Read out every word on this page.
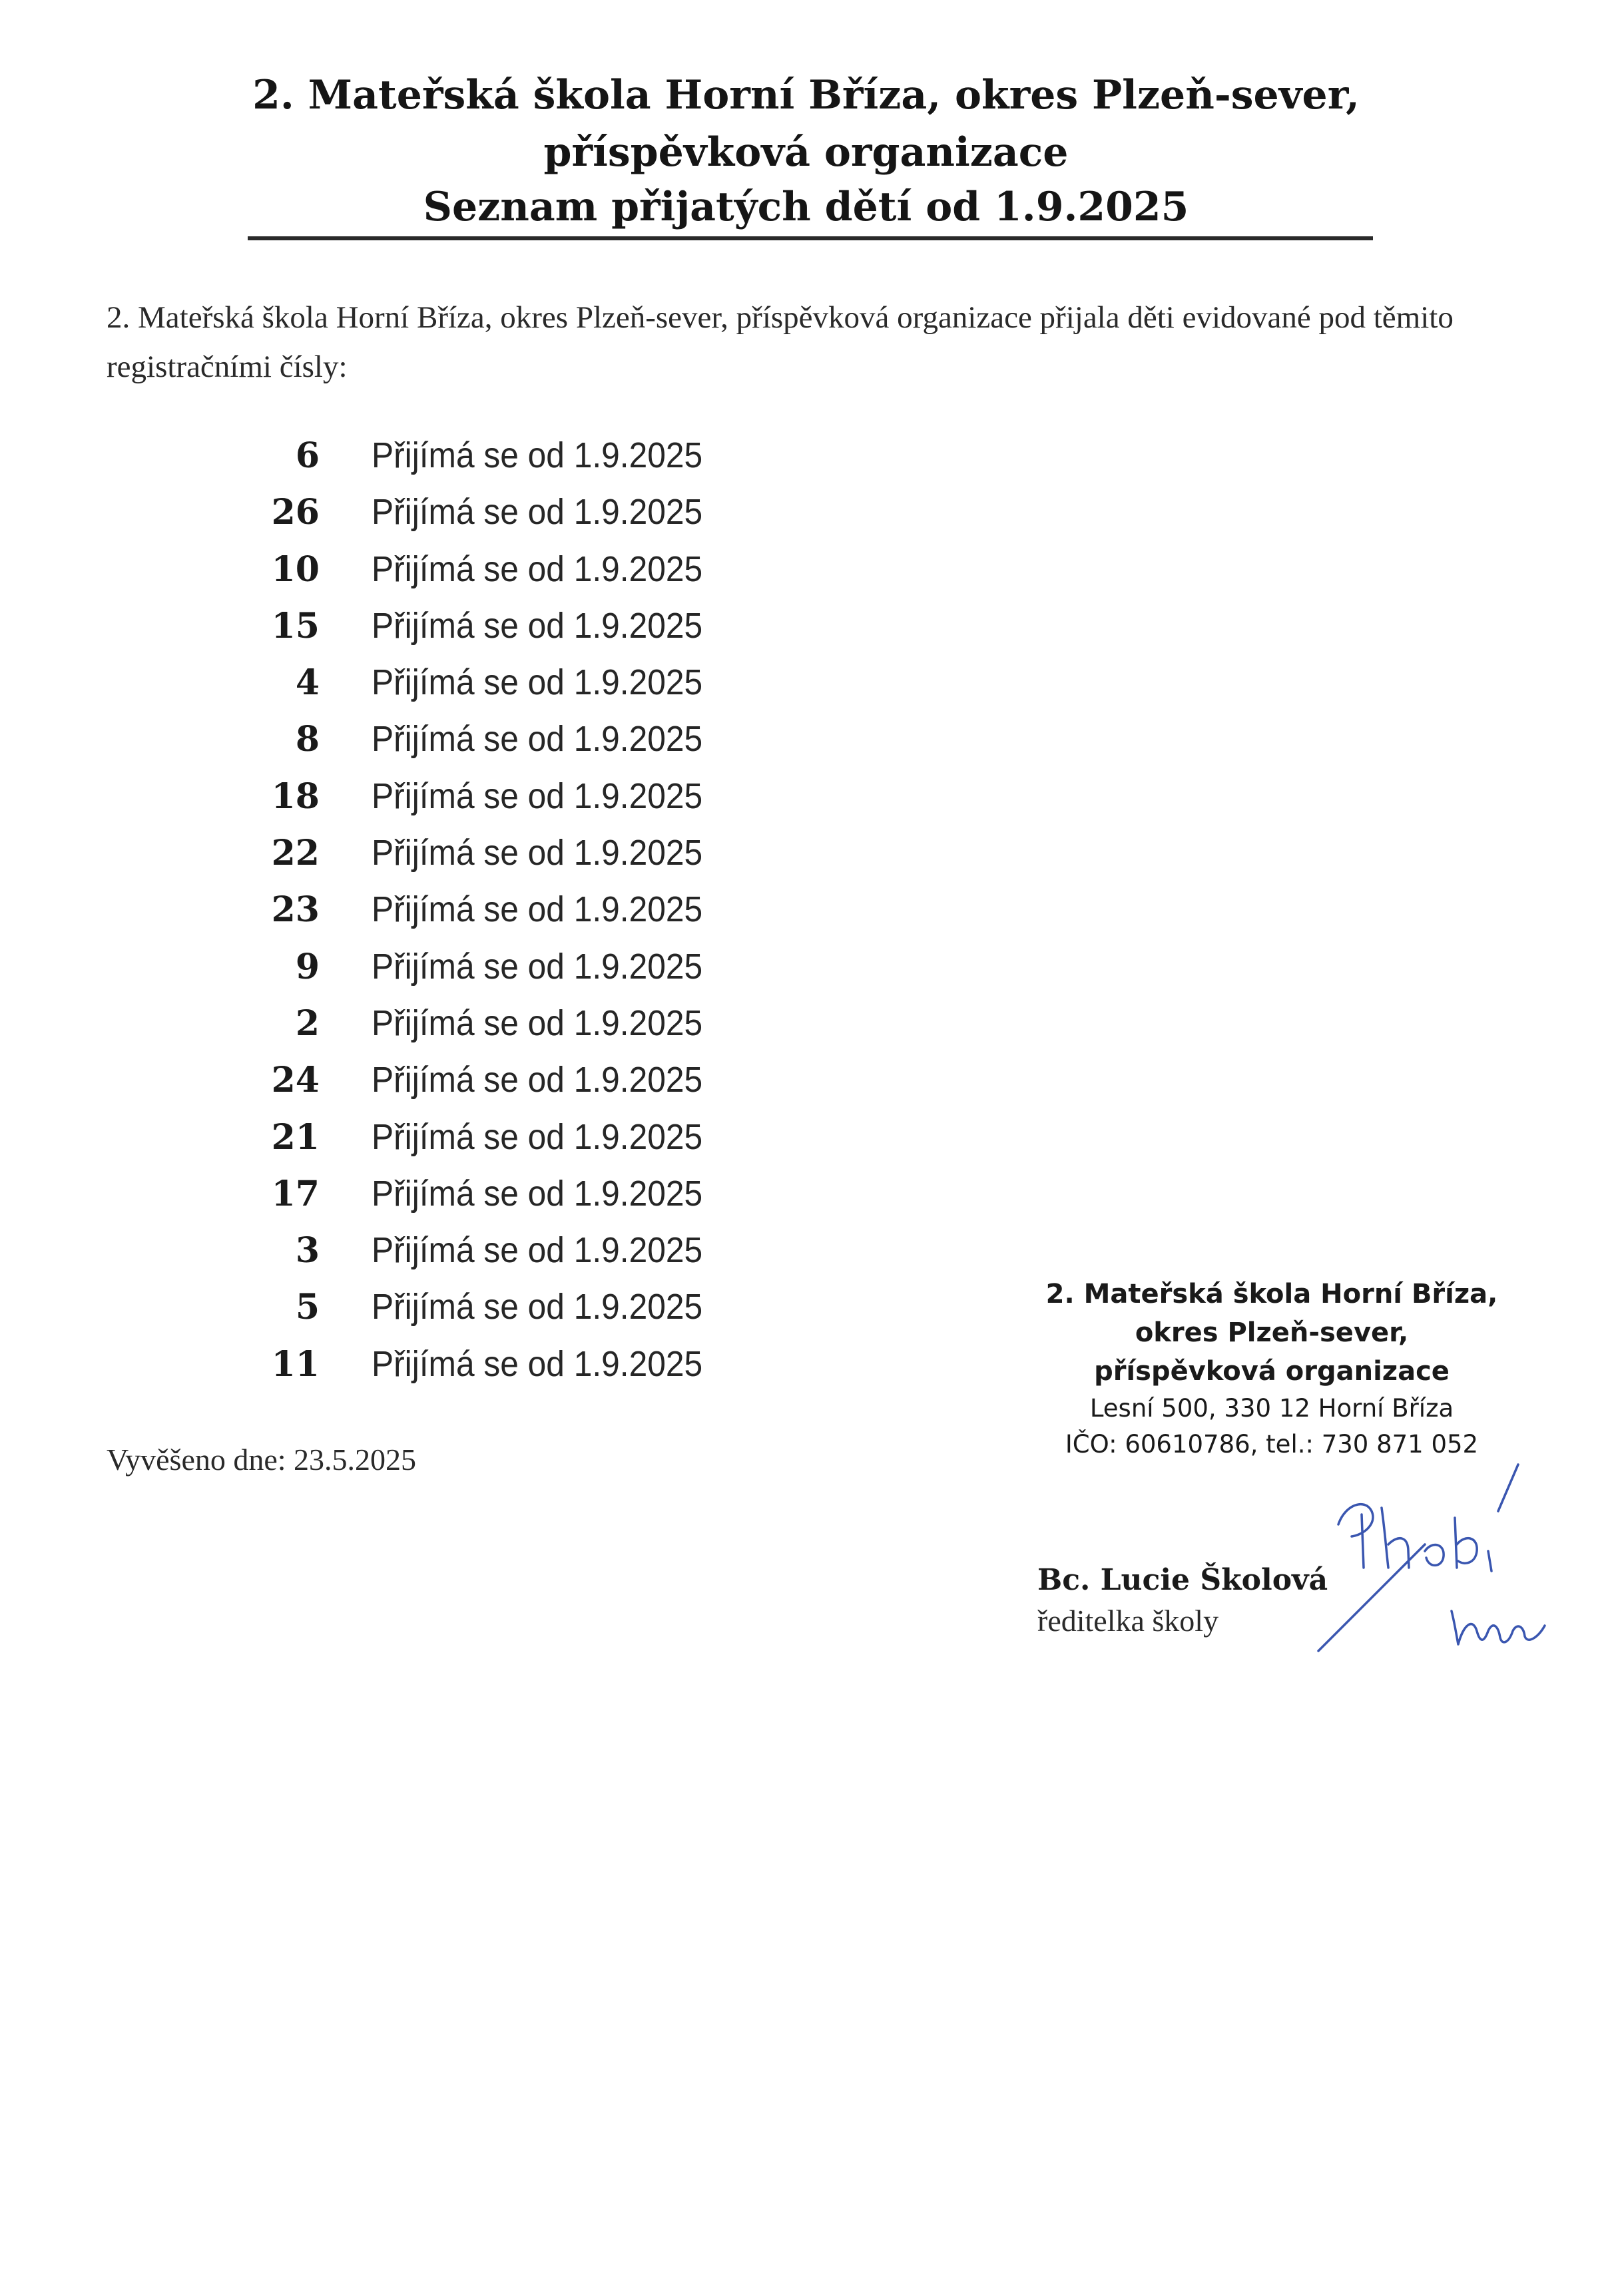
2. Mateřská škola Horní Bříza, okres Plzeň-sever,
příspěvková organizace
Seznam přijatých dětí od 1.9.2025
2. Mateřská škola Horní Bříza, okres Plzeň-sever, příspěvková organizace přijala děti evidované pod těmito registračními čísly:
6 Přijímá se od 1.9.2025
26 Přijímá se od 1.9.2025
10 Přijímá se od 1.9.2025
15 Přijímá se od 1.9.2025
4 Přijímá se od 1.9.2025
8 Přijímá se od 1.9.2025
18 Přijímá se od 1.9.2025
22 Přijímá se od 1.9.2025
23 Přijímá se od 1.9.2025
9 Přijímá se od 1.9.2025
2 Přijímá se od 1.9.2025
24 Přijímá se od 1.9.2025
21 Přijímá se od 1.9.2025
17 Přijímá se od 1.9.2025
3 Přijímá se od 1.9.2025
5 Přijímá se od 1.9.2025
11 Přijímá se od 1.9.2025
Vyvěšeno dne: 23.5.2025
2. Mateřská škola Horní Bříza,
okres Plzeň-sever,
příspěvková organizace
Lesní 500, 330 12 Horní Bříza
IČO: 60610786, tel.: 730 871 052
Bc. Lucie Školová
ředitelka školy
